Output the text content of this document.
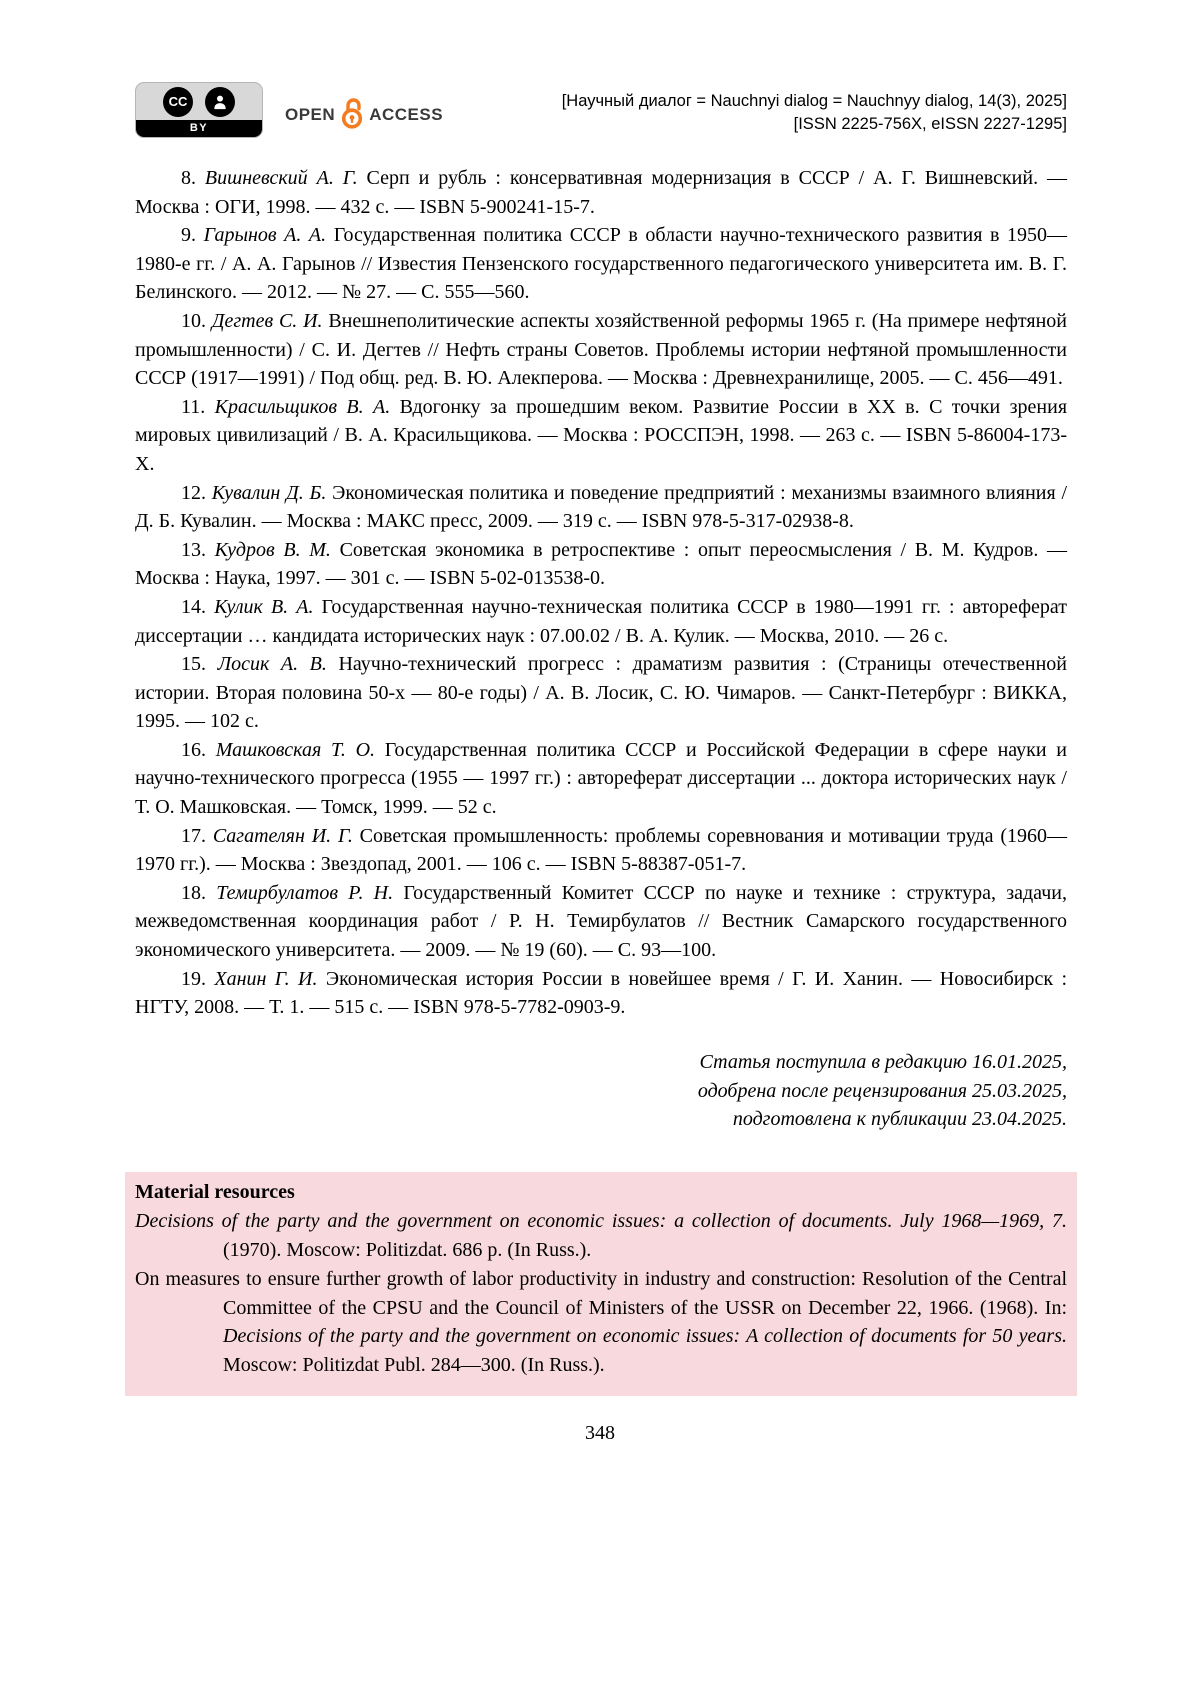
CC
BY
OPEN ACCESS
[Научный диалог = Nauchnyi dialog = Nauchnyy dialog, 14(3), 2025]
[ISSN 2225-756X, eISSN 2227-1295]

8. Вишневский А. Г. Серп и рубль : консервативная модернизация в СССР / А. Г. Вишневский. — Москва : ОГИ, 1998. — 432 с. — ISBN 5-900241-15-7.

9. Гарынов А. А. Государственная политика СССР в области научно-технического развития в 1950—1980-е гг. / А. А. Гарынов // Известия Пензенского государственного педагогического университета им. В. Г. Белинского. — 2012. — № 27. — С. 555—560.

10. Дегтев С. И. Внешнеполитические аспекты хозяйственной реформы 1965 г. (На примере нефтяной промышленности) / С. И. Дегтев // Нефть страны Советов. Проблемы истории нефтяной промышленности СССР (1917—1991) / Под общ. ред. В. Ю. Алекперова. — Москва : Древнехранилище, 2005. — С. 456—491.

11. Красильщиков В. А. Вдогонку за прошедшим веком. Развитие России в XX в. С точки зрения мировых цивилизаций / В. А. Красильщикова. — Москва : РОССПЭН, 1998. — 263 с. — ISBN 5-86004-173-X.

12. Кувалин Д. Б. Экономическая политика и поведение предприятий : механизмы взаимного влияния / Д. Б. Кувалин. — Москва : МАКС пресс, 2009. — 319 с. — ISBN 978-5-317-02938-8.

13. Кудров В. М. Советская экономика в ретроспективе : опыт переосмысления / В. М. Кудров. — Москва : Наука, 1997. — 301 с. — ISBN 5-02-013538-0.

14. Кулик В. А. Государственная научно-техническая политика СССР в 1980—1991 гг. : автореферат диссертации … кандидата исторических наук : 07.00.02 / В. А. Кулик. — Москва, 2010. — 26 с.

15. Лосик А. В. Научно-технический прогресс : драматизм развития : (Страницы отечественной истории. Вторая половина 50-х — 80-е годы) / А. В. Лосик, С. Ю. Чимаров. — Санкт-Петербург : ВИККА, 1995. — 102 с.

16. Машковская Т. О. Государственная политика СССР и Российской Федерации в сфере науки и научно-технического прогресса (1955 — 1997 гг.) : автореферат диссертации ... доктора исторических наук / Т. О. Машковская. — Томск, 1999. — 52 с.

17. Сагателян И. Г. Советская промышленность: проблемы соревнования и мотивации труда (1960—1970 гг.). — Москва : Звездопад, 2001. — 106 с. — ISBN 5-88387-051-7.

18. Темирбулатов Р. Н. Государственный Комитет СССР по науке и технике : структура, задачи, межведомственная координация работ / Р. Н. Темирбулатов // Вестник Самарского государственного экономического университета. — 2009. — № 19 (60). — С. 93—100.

19. Ханин Г. И. Экономическая история России в новейшее время / Г. И. Ханин. — Новосибирск : НГТУ, 2008. — Т. 1. — 515 с. — ISBN 978-5-7782-0903-9.

Статья поступила в редакцию 16.01.2025,
одобрена после рецензирования 25.03.2025,
подготовлена к публикации 23.04.2025.
Material resources

Decisions of the party and the government on economic issues: a collection of documents. July 1968—1969, 7. (1970). Moscow: Politizdat. 686 p. (In Russ.).

On measures to ensure further growth of labor productivity in industry and construction: Resolution of the Central Committee of the CPSU and the Council of Ministers of the USSR on December 22, 1966. (1968). In: Decisions of the party and the government on economic issues: A collection of documents for 50 years. Moscow: Politizdat Publ. 284—300. (In Russ.).

348
